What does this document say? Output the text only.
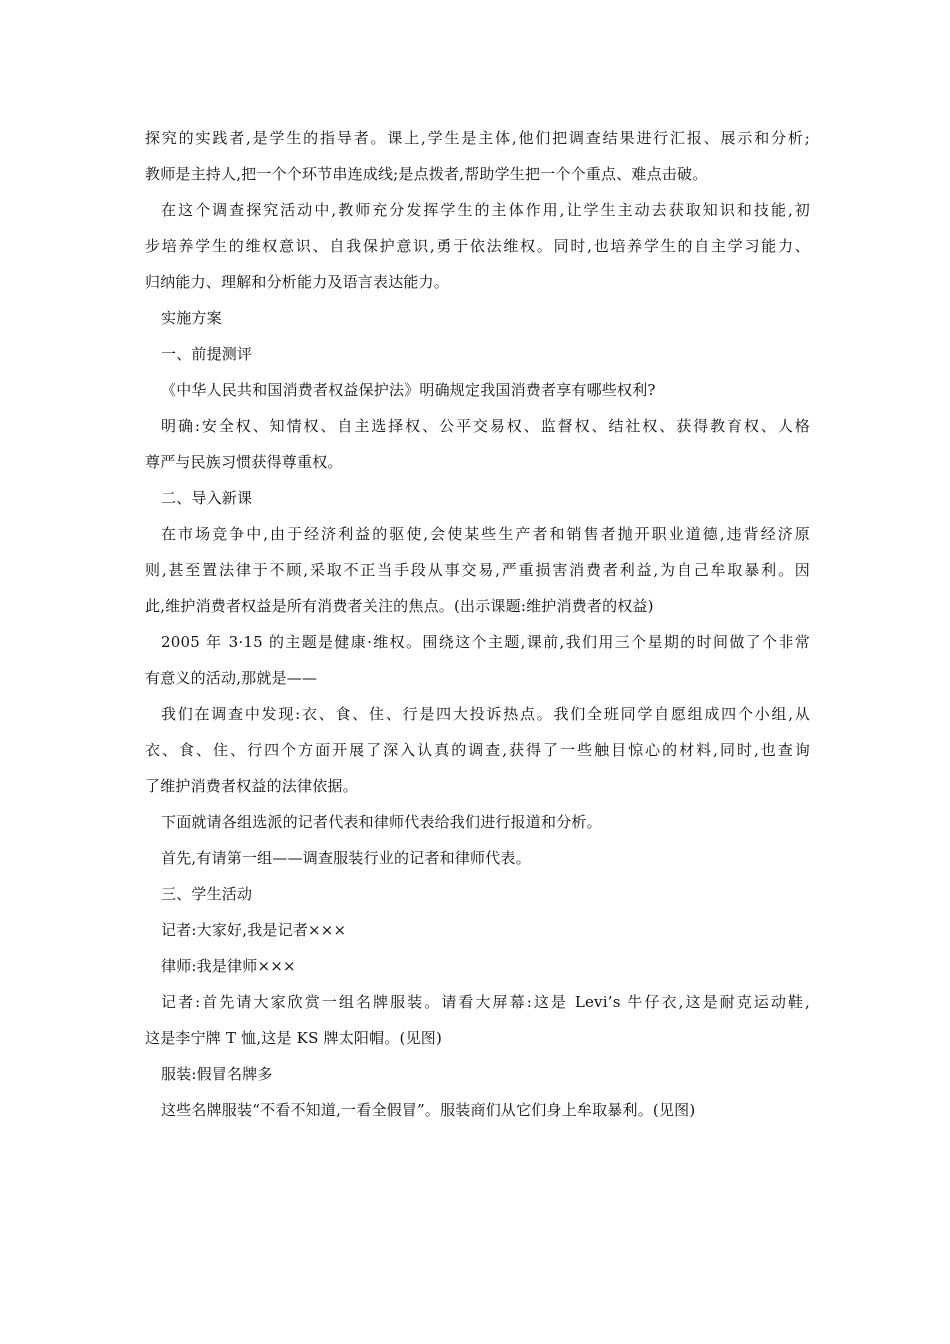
探究的实践者,是学生的指导者。课上,学生是主体,他们把调查结果进行汇报、展示和分析;
教师是主持人,把一个个环节串连成线;是点拨者,帮助学生把一个个重点、难点击破。
在这个调查探究活动中,教师充分发挥学生的主体作用,让学生主动去获取知识和技能,初
步培养学生的维权意识、自我保护意识,勇于依法维权。同时,也培养学生的自主学习能力、
归纳能力、理解和分析能力及语言表达能力。
实施方案
一、前提测评
《中华人民共和国消费者权益保护法》明确规定我国消费者享有哪些权利?
明确:安全权、知情权、自主选择权、公平交易权、监督权、结社权、获得教育权、人格
尊严与民族习惯获得尊重权。
二、导入新课
在市场竞争中,由于经济利益的驱使,会使某些生产者和销售者抛开职业道德,违背经济原
则,甚至置法律于不顾,采取不正当手段从事交易,严重损害消费者利益,为自己牟取暴利。因
此,维护消费者权益是所有消费者关注的焦点。(出示课题:维护消费者的权益)
2005 年 3·15 的主题是健康·维权。围绕这个主题,课前,我们用三个星期的时间做了个非常
有意义的活动,那就是——
我们在调查中发现:衣、食、住、行是四大投诉热点。我们全班同学自愿组成四个小组,从
衣、食、住、行四个方面开展了深入认真的调查,获得了一些触目惊心的材料,同时,也查询
了维护消费者权益的法律依据。
下面就请各组选派的记者代表和律师代表给我们进行报道和分析。
首先,有请第一组——调查服装行业的记者和律师代表。
三、学生活动
记者:大家好,我是记者×××
律师:我是律师×××
记者:首先请大家欣赏一组名牌服装。请看大屏幕:这是 Levi’s 牛仔衣,这是耐克运动鞋,
这是李宁牌 T 恤,这是 KS 牌太阳帽。(见图)
服装:假冒名牌多
这些名牌服装“不看不知道,一看全假冒”。服装商们从它们身上牟取暴利。(见图)
